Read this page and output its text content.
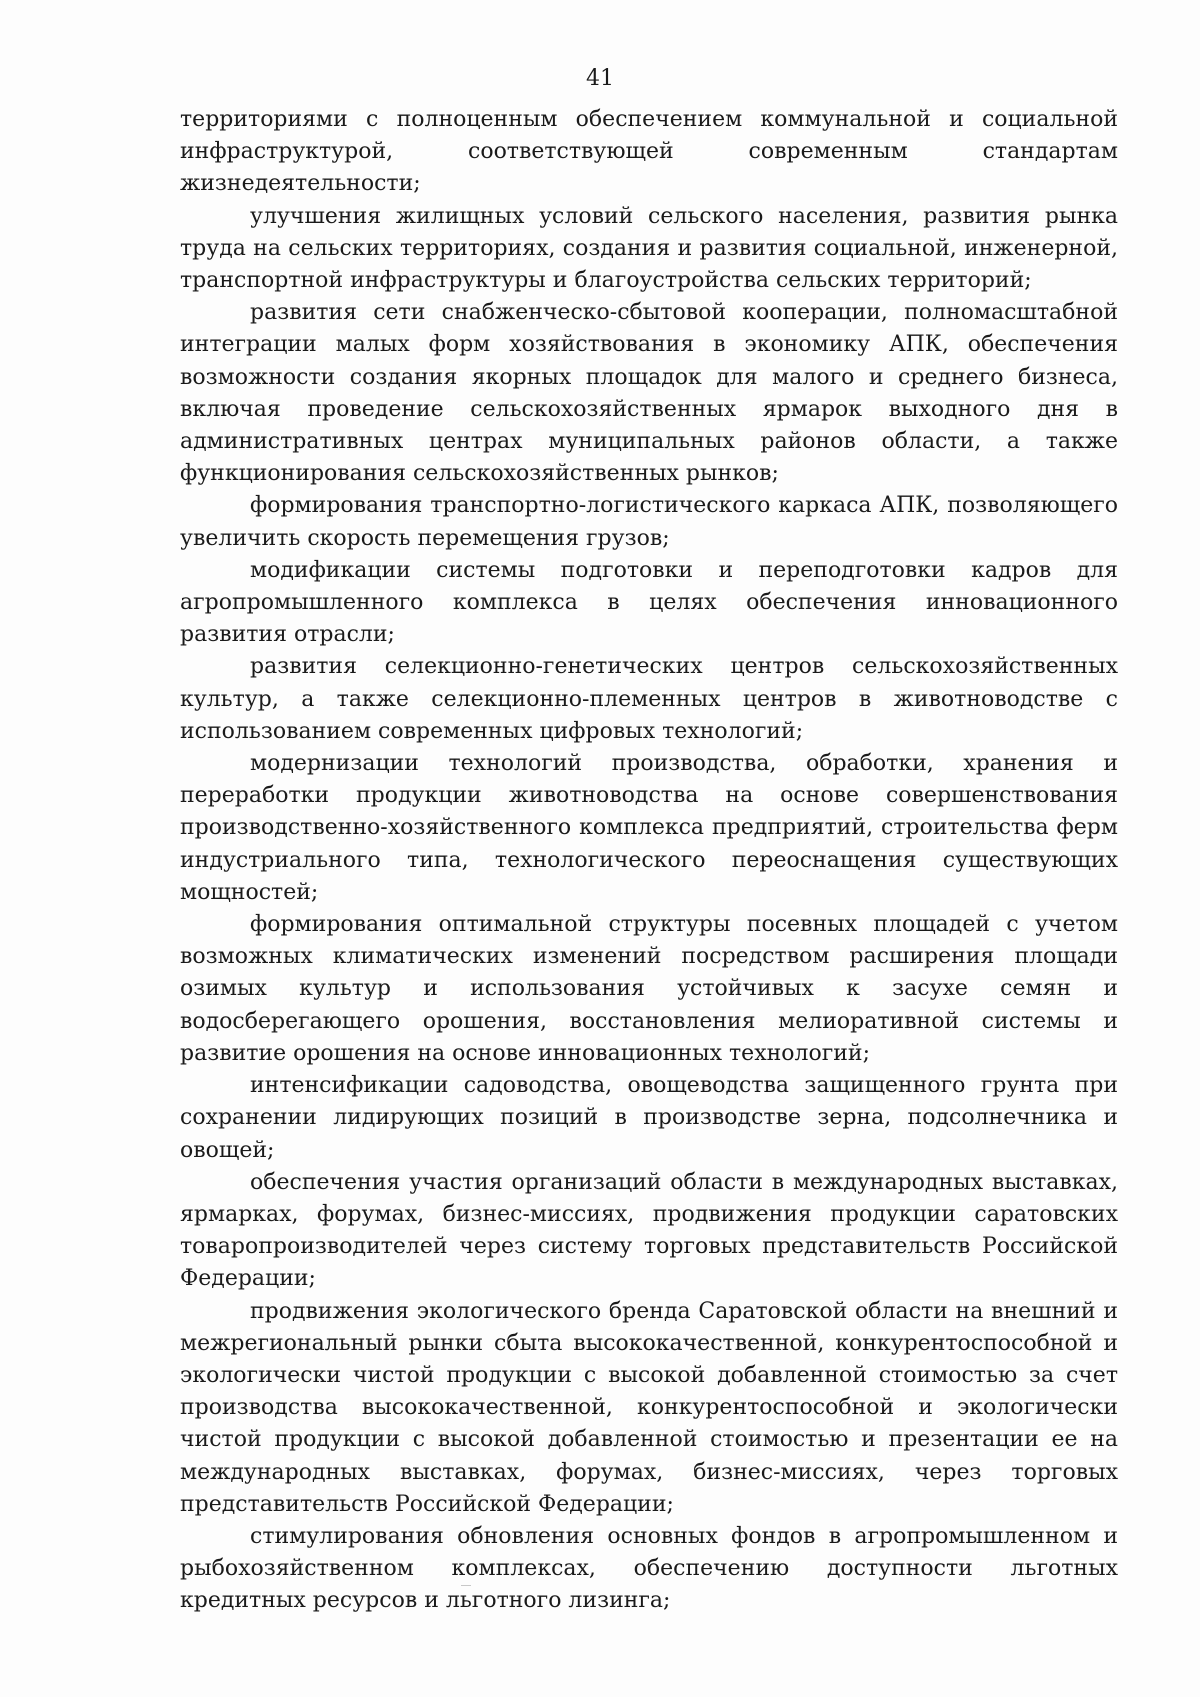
41

территориями с полноценным обеспечением коммунальной и социальной инфраструктурой, соответствующей современным стандартам жизнедеятельности;

улучшения жилищных условий сельского населения, развития рынка труда на сельских территориях, создания и развития социальной, инженерной, транспортной инфраструктуры и благоустройства сельских территорий;

развития сети снабженческо-сбытовой кооперации, полномасштабной интеграции малых форм хозяйствования в экономику АПК, обеспечения возможности создания якорных площадок для малого и среднего бизнеса, включая проведение сельскохозяйственных ярмарок выходного дня в административных центрах муниципальных районов области, а также функционирования сельскохозяйственных рынков;

формирования транспортно-логистического каркаса АПК, позволяющего увеличить скорость перемещения грузов;

модификации системы подготовки и переподготовки кадров для агропромышленного комплекса в целях обеспечения инновационного развития отрасли;

развития селекционно-генетических центров сельскохозяйственных культур, а также селекционно-племенных центров в животноводстве с использованием современных цифровых технологий;

модернизации технологий производства, обработки, хранения и переработки продукции животноводства на основе совершенствования производственно-хозяйственного комплекса предприятий, строительства ферм индустриального типа, технологического переоснащения существующих мощностей;

формирования оптимальной структуры посевных площадей с учетом возможных климатических изменений посредством расширения площади озимых культур и использования устойчивых к засухе семян и водосберегающего орошения, восстановления мелиоративной системы и развитие орошения на основе инновационных технологий;

интенсификации садоводства, овощеводства защищенного грунта при сохранении лидирующих позиций в производстве зерна, подсолнечника и овощей;

обеспечения участия организаций области в международных выставках, ярмарках, форумах, бизнес-миссиях, продвижения продукции саратовских товаропроизводителей через систему торговых представительств Российской Федерации;

продвижения экологического бренда Саратовской области на внешний и межрегиональный рынки сбыта высококачественной, конкурентоспособной и экологически чистой продукции с высокой добавленной стоимостью за счет производства высококачественной, конкурентоспособной и экологически чистой продукции с высокой добавленной стоимостью и презентации ее на международных выставках, форумах, бизнес-миссиях, через торговых представительств Российской Федерации;

стимулирования обновления основных фондов в агропромышленном и рыбохозяйственном комплексах, обеспечению доступности льготных кредитных ресурсов и льготного лизинга;
